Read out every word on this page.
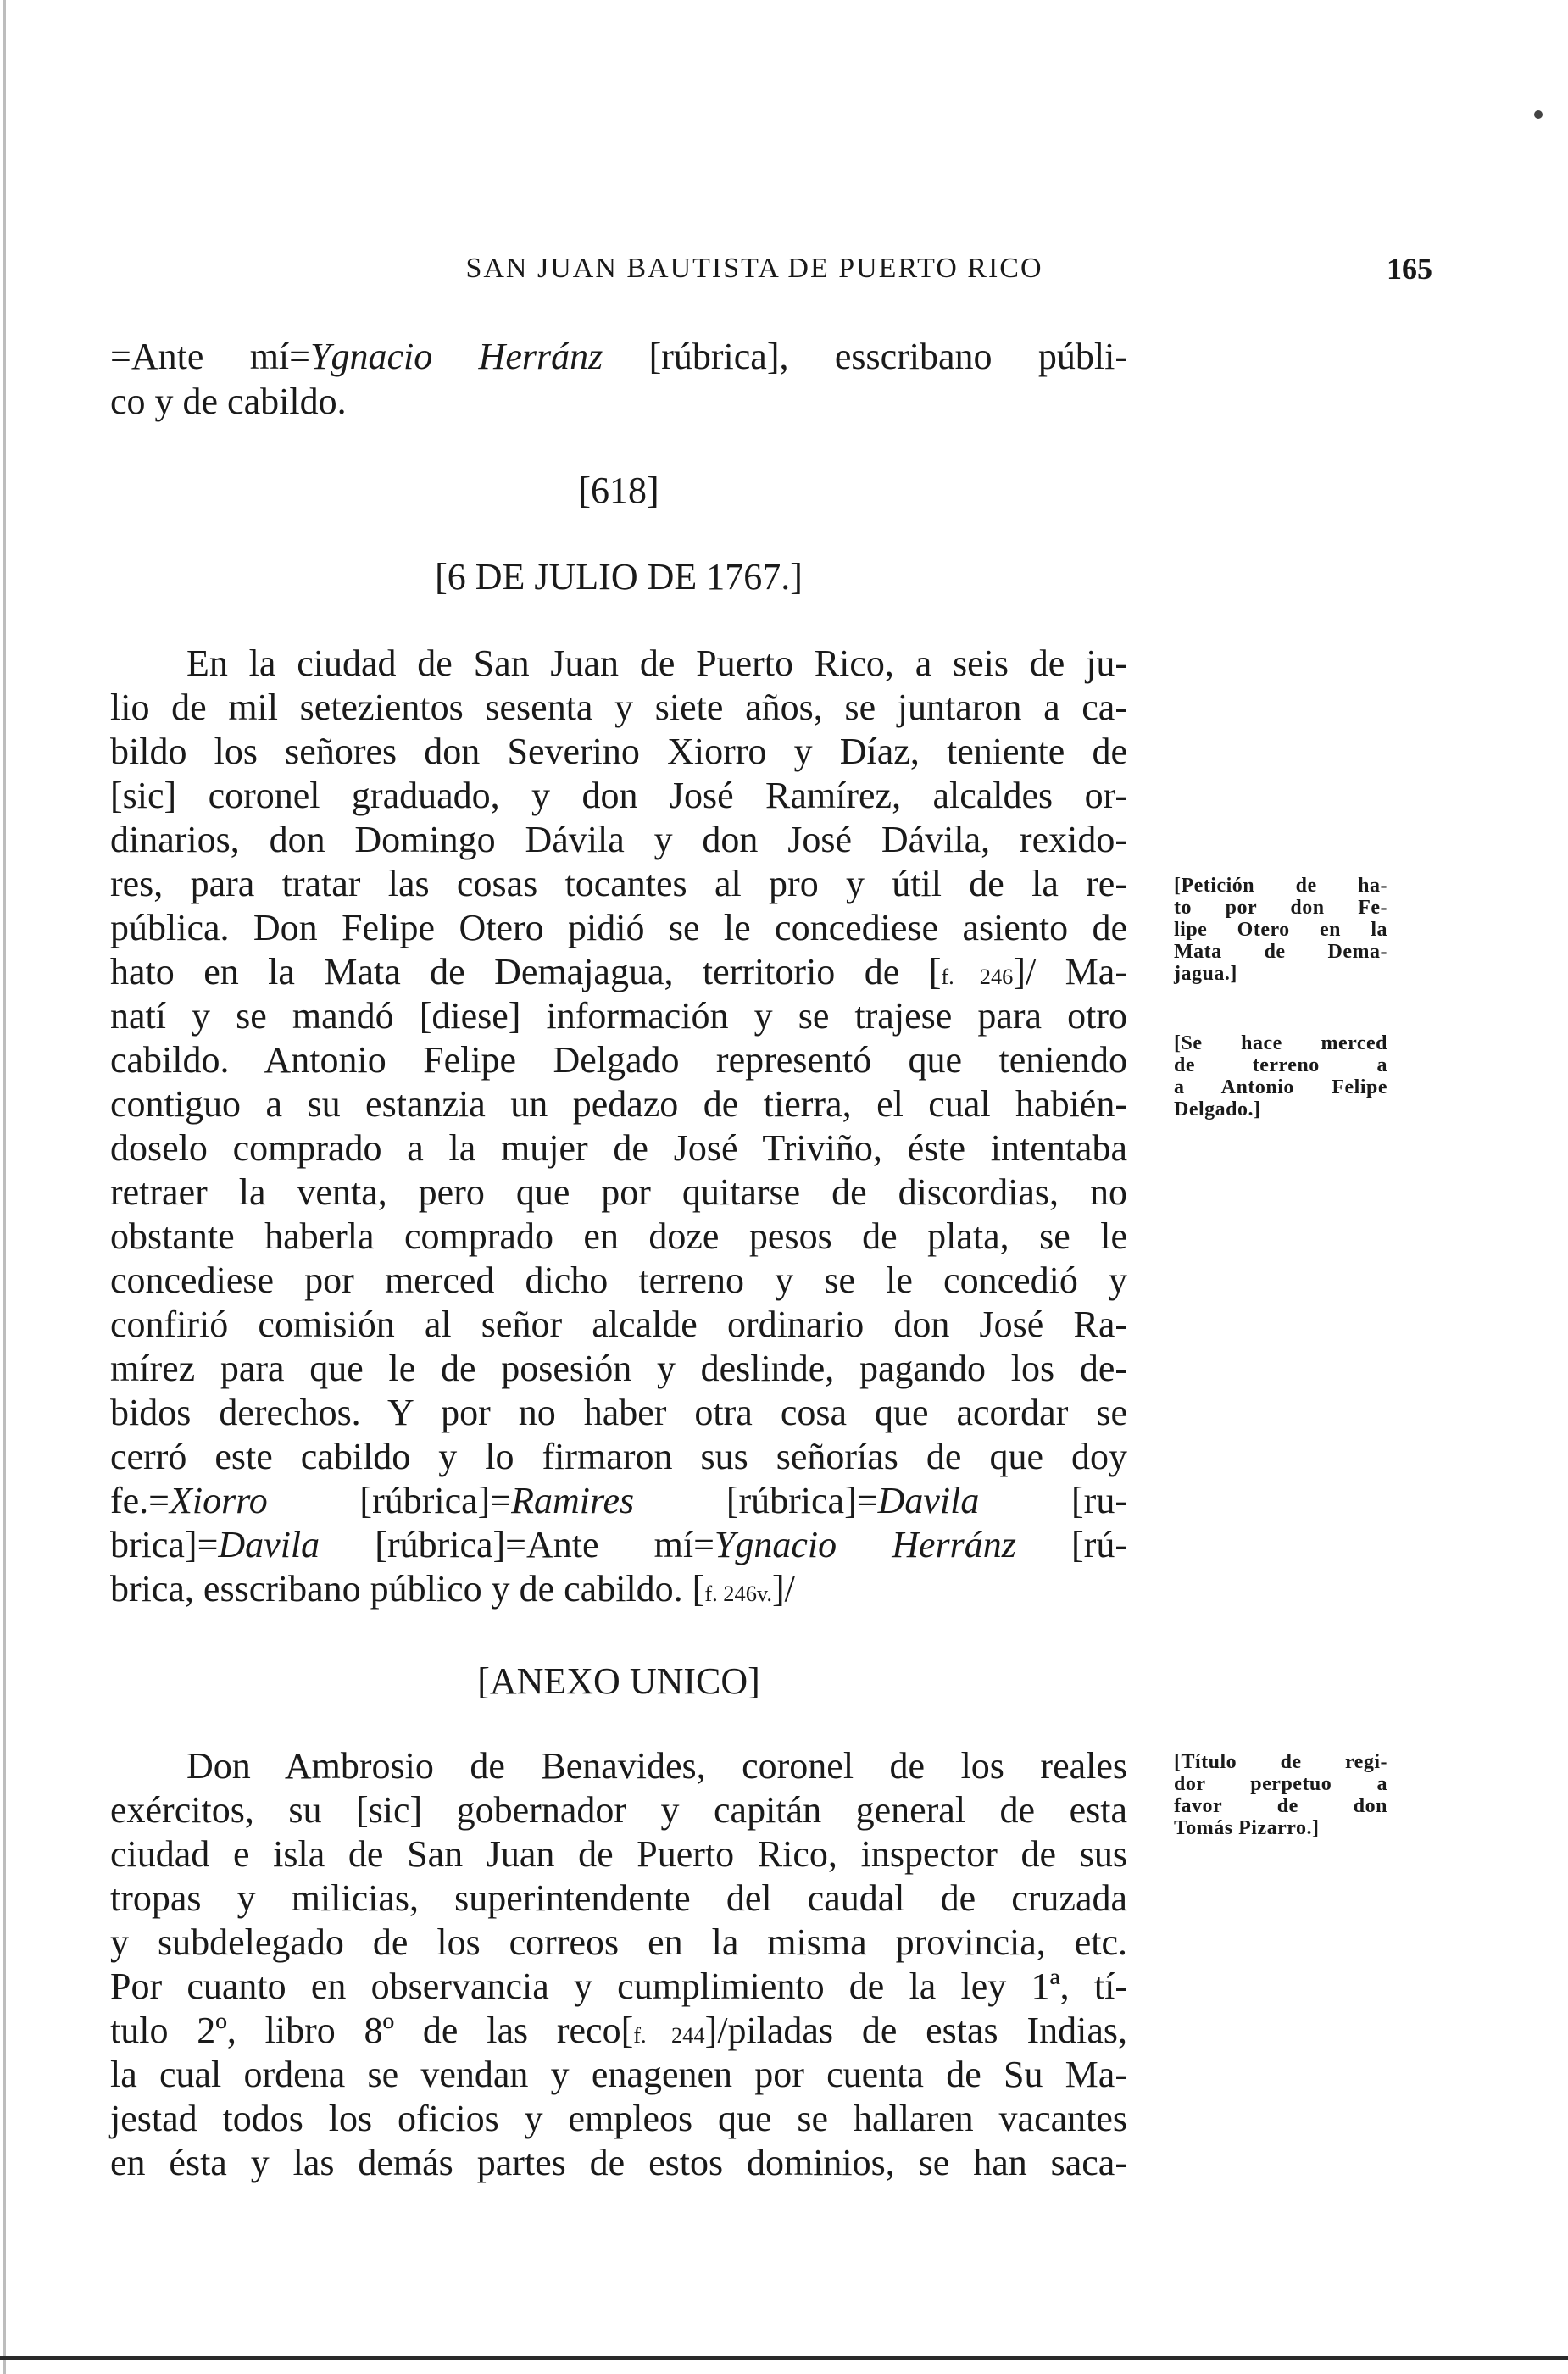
SAN JUAN BAUTISTA DE PUERTO RICO	165
=Ante mí=Ygnacio Herránz [rúbrica], esscribano públi-
co y de cabildo.
[618]
[6 DE JULIO DE 1767.]
En la ciudad de San Juan de Puerto Rico, a seis de ju-
lio de mil setezientos sesenta y siete años, se juntaron a ca-
bildo los señores don Severino Xiorro y Díaz, teniente de
[sic] coronel graduado, y don José Ramírez, alcaldes or-
dinarios, don Domingo Dávila y don José Dávila, rexido-
res, para tratar las cosas tocantes al pro y útil de la re-
pública. Don Felipe Otero pidió se le concediese asiento de
hato en la Mata de Demajagua, territorio de [$^{f. 246}$]/ Ma-
natí y se mandó [diese] información y se trajese para otro
cabildo. Antonio Felipe Delgado representó que teniendo
contiguo a su estanzia un pedazo de tierra, el cual habién-
doselo comprado a la mujer de José Triviño, éste intentaba
retraer la venta, pero que por quitarse de discordias, no
obstante haberla comprado en doze pesos de plata, se le
concediese por merced dicho terreno y se le concedió y
confirió comisión al señor alcalde ordinario don José Ra-
mírez para que le de posesión y deslinde, pagando los de-
bidos derechos. Y por no haber otra cosa que acordar se
cerró este cabildo y lo firmaron sus señorías de que doy
fe.=Xiorro [rúbrica]=Ramires [rúbrica]=Davila [ru-
brica]=Davila [rúbrica]=Ante mí=Ygnacio Herránz [rú-
brica, esscribano público y de cabildo. [$^{f. 246v.}$]/
[ANEXO UNICO]
Don Ambrosio de Benavides, coronel de los reales
exércitos, su [sic] gobernador y capitán general de esta
ciudad e isla de San Juan de Puerto Rico, inspector de sus
tropas y milicias, superintendente del caudal de cruzada
y subdelegado de los correos en la misma provincia, etc.
Por cuanto en observancia y cumplimiento de la ley 1ª, tí-
tulo 2º, libro 8º de las reco[$^{f. 244}$]/piladas de estas Indias,
la cual ordena se vendan y enagenen por cuenta de Su Ma-
jestad todos los oficios y empleos que se hallaren vacantes
en ésta y las demás partes de estos dominios, se han saca-
[Petición de ha-
to por don Fe-
lipe Otero en la
Mata de Dema-
jagua.]
[Se hace merced
de terreno a
a Antonio Felipe
Delgado.]
[Título de regi-
dor perpetuo a
favor de don
Tomás Pizarro.]
